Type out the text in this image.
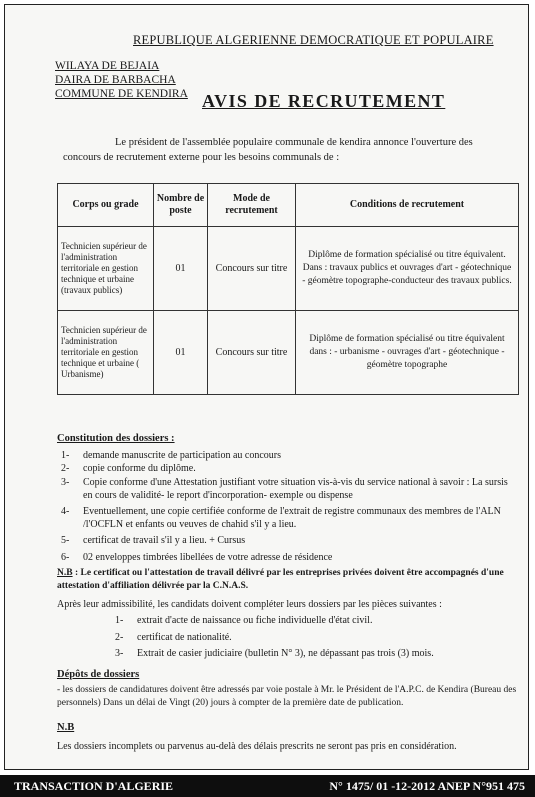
REPUBLIQUE ALGERIENNE DEMOCRATIQUE ET POPULAIRE
WILAYA DE BEJAIA
DAIRA DE BARBACHA
COMMUNE DE KENDIRA AVIS DE RECRUTEMENT
Le président de l'assemblée populaire communale de kendira annonce l'ouverture des concours de recrutement externe pour les besoins communals de :
Corps ou grade	Nombre de poste	Mode de recrutement	Conditions de recrutement
Technicien supérieur de l'administration territoriale en gestion technique et urbaine (travaux publics)	01	Concours sur titre	Diplôme de formation spécialisé ou titre équivalent. Dans : travaux publics et ouvrages d'art - géotechnique - géomètre topographe-conducteur des travaux publics.
Technicien supérieur de l'administration territoriale en gestion technique et urbaine ( Urbanisme)	01	Concours sur titre	Diplôme de formation spécialisé ou titre équivalent dans : - urbanisme - ouvrages d'art - géotechnique - géomètre topographe
Constitution des dossiers :
1- demande manuscrite de participation au concours
2- copie conforme du diplôme.
3-	Copie conforme d'une Attestation justifiant votre situation vis-à-vis du service national à savoir : La sursis en cours de validité- le report d'incorporation- exemple ou dispense
4-	Eventuellement, une copie certifiée conforme de l'extrait de registre communaux des membres de l'ALN /l'OCFLN et enfants ou veuves de chahid s'il y a lieu.
5- certificat de travail s'il y a lieu. + Cursus
6- 02 enveloppes timbrées libellées de votre adresse de résidence
N.B : Le certificat ou l'attestation de travail délivré par les entreprises privées doivent être accompagnés d'une attestation d'affiliation délivrée par la C.N.A.S.
Après leur admissibilité, les candidats doivent compléter leurs dossiers par les pièces suivantes :
1- extrait d'acte de naissance ou fiche individuelle d'état civil.
2- certificat de nationalité.
3- Extrait de casier judiciaire (bulletin N° 3), ne dépassant pas trois (3) mois.
Dépôts de dossiers
- les dossiers de candidatures doivent être adressés par voie postale à Mr. le Président de l'A.P.C. de Kendira (Bureau des personnels) Dans un délai de Vingt (20) jours à compter de la première date de publication.
N.B
Les dossiers incomplets ou parvenus au-delà des délais prescrits ne seront pas pris en considération.
TRANSACTION D'ALGERIE	N° 1475/ 01 -12-2012 ANEP N°951 475
